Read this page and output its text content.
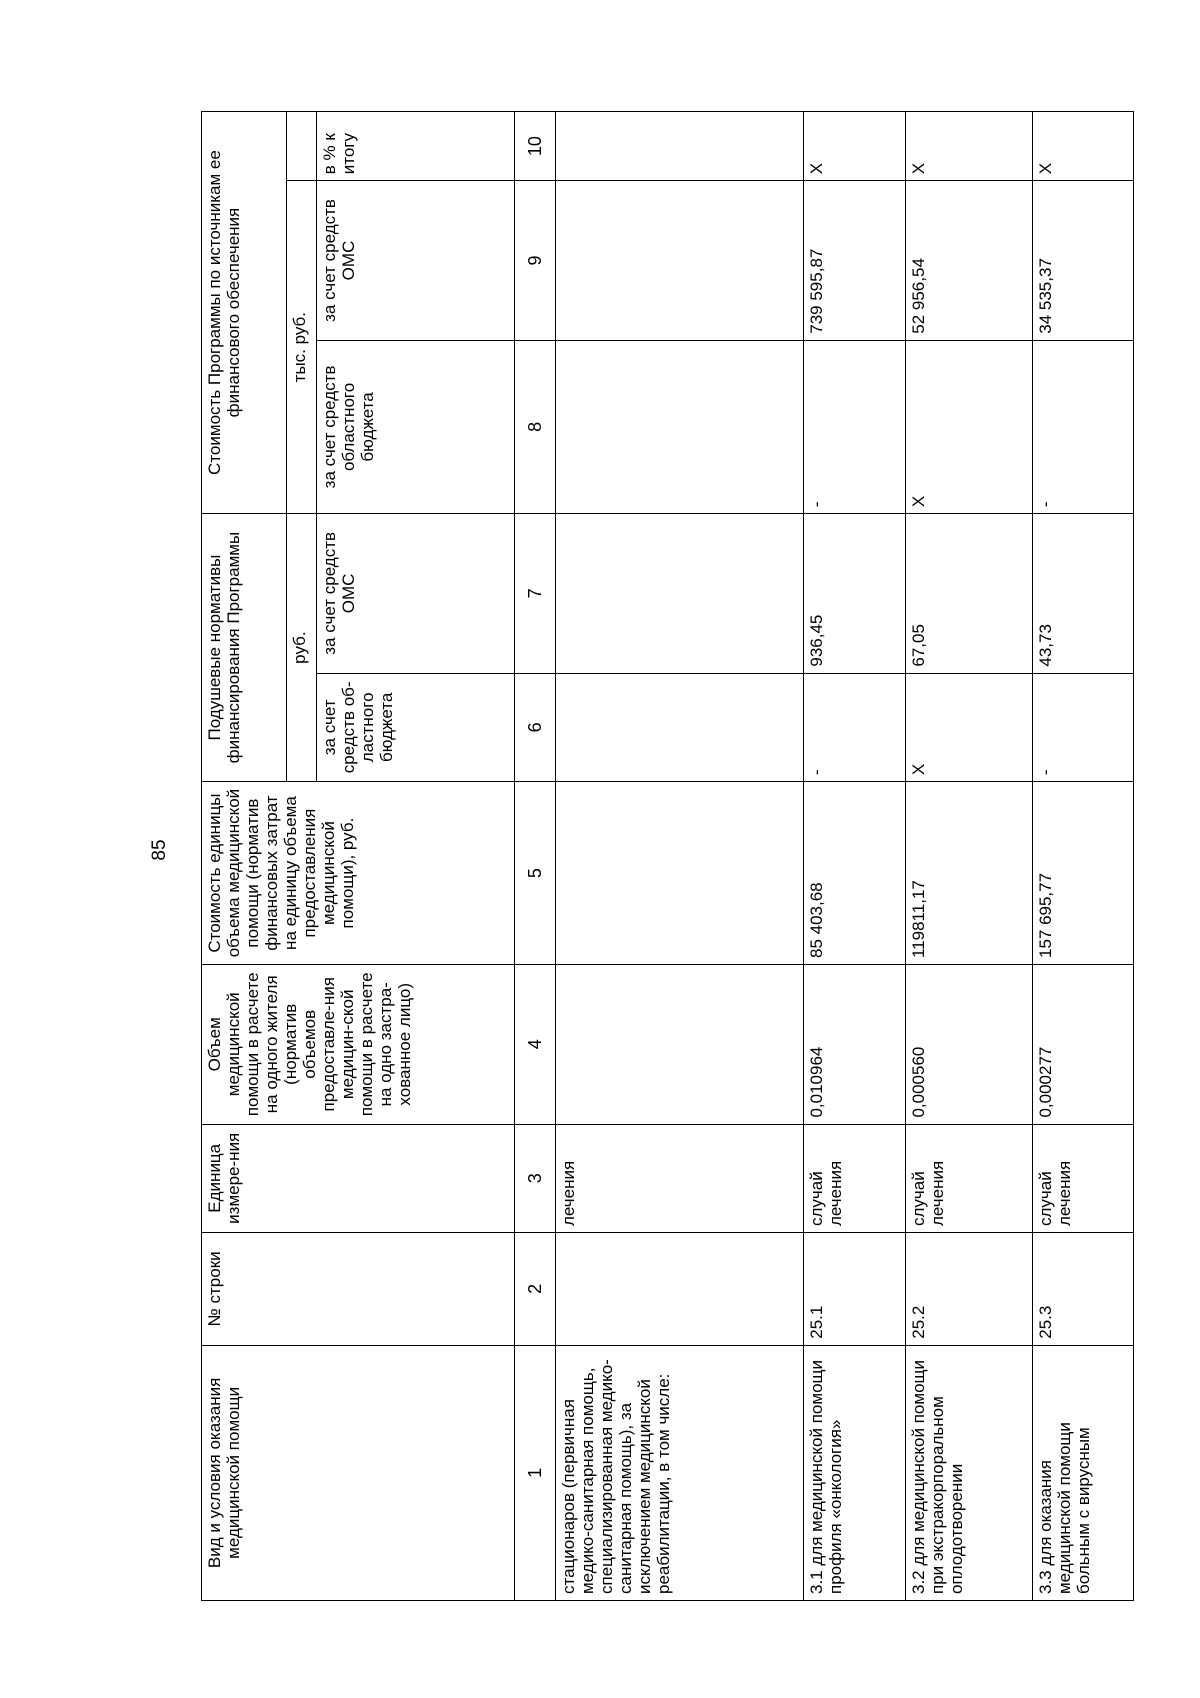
85
Вид и условия оказания медицинской помощи	№ строки	Единица измере-ния	Объем медицинской помощи в расчете на одного жителя (норматив объемов предоставле-ния медицин-ской помощи в расчете на одно застра-хованное лицо)	Стоимость единицы объема медицинской помощи (норматив финансовых затрат на единицу объема предоставления медицинской помощи), руб.	Подушевые нормативы финансирования Программы		Стоимость Программы по источникам ее финансового обеспечения		
					руб.		тыс. руб.		
					за счет средств об-ластного бюджета	за счет средств ОМС	за счет средств областного бюджета	за счет средств ОМС	в % к итогу
1	2	3	4	5	6	7	8	9	10
стационаров (первичная медико-санитарная помощь, специализированная медико-санитарная помощь), за исключением медицинской реабилитации, в том числе:		лечения							
3.1 для медицинской помощи профиля «онкология»	25.1	случай лечения	0,010964	85 403,68	-	936,45	-	739 595,87	Х
3.2 для медицинской помощи при экстракорпоральном оплодотворении	25.2	случай лечения	0,000560	119811,17	Х	67,05	Х	52 956,54	Х
3.3 для оказания медицинской помощи больным с вирусным	25.3	случай лечения	0,000277	157 695,77	-	43,73	-	34 535,37	Х
